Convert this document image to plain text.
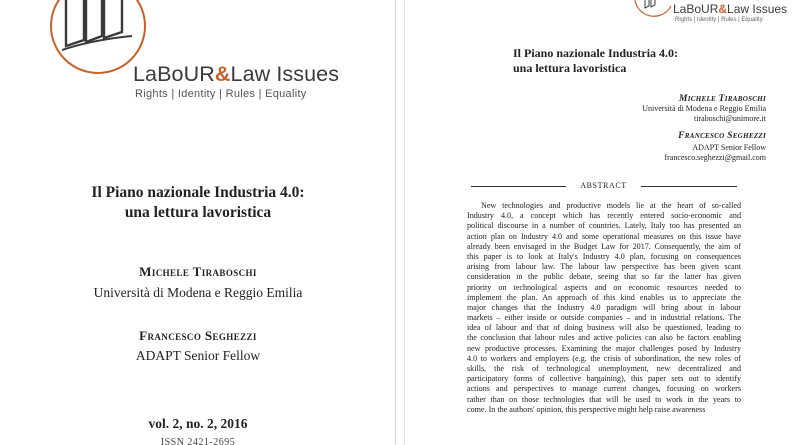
LaBoUR&Law Issues
Rights | Identity | Rules | Equality
Il Piano nazionale Industria 4.0:
una lettura lavoristica
Michele Tiraboschi
Università di Modena e Reggio Emilia
Francesco Seghezzi
ADAPT Senior Fellow
vol. 2, no. 2, 2016
ISSN 2421-2695
LaBoUR&Law Issues
Rights | Identity | Rules | Equality
Il Piano nazionale Industria 4.0:
una lettura lavoristica
Michele Tiraboschi
Università di Modena e Reggio Emilia
tiraboschi@unimore.it
Francesco Seghezzi
ADAPT Senior Fellow
francesco.seghezzi@gmail.com
ABSTRACT
New technologies and productive models lie at the heart of so-called
Industry 4.0, a concept which has recently entered socio-economic and
political discourse in a number of countries. Lately, Italy too has presented an
action plan on Industry 4.0 and some operational measures on this issue have
already been envisaged in the Budget Law for 2017. Consequently, the aim of
this paper is to look at Italy's Industry 4.0 plan, focusing on consequences
arising from labour law. The labour law perspective has been given scant
consideration in the public debate, seeing that so far the latter has given
priority on technological aspects and on economic resources needed to
implement the plan. An approach of this kind enables us to appreciate the
major changes that the Industry 4.0 paradigm will bring about in labour
markets – either inside or outside companies – and in industrial relations. The
idea of labour and that of doing business will also be questioned, leading to
the conclusion that labour rules and active policies can also be factors enabling
new productive processes. Examining the major challenges posed by Industry
4.0 to workers and employers (e.g. the crisis of subordination, the new roles of
skills, the risk of technological unemployment, new decentralized and
participatory forms of collective bargaining), this paper sets out to identify
actions and perspectives to manage current changes, focusing on workers
rather than on those technologies that will be used to work in the years to
come. In the authors' opinion, this perspective might help raise awareness
